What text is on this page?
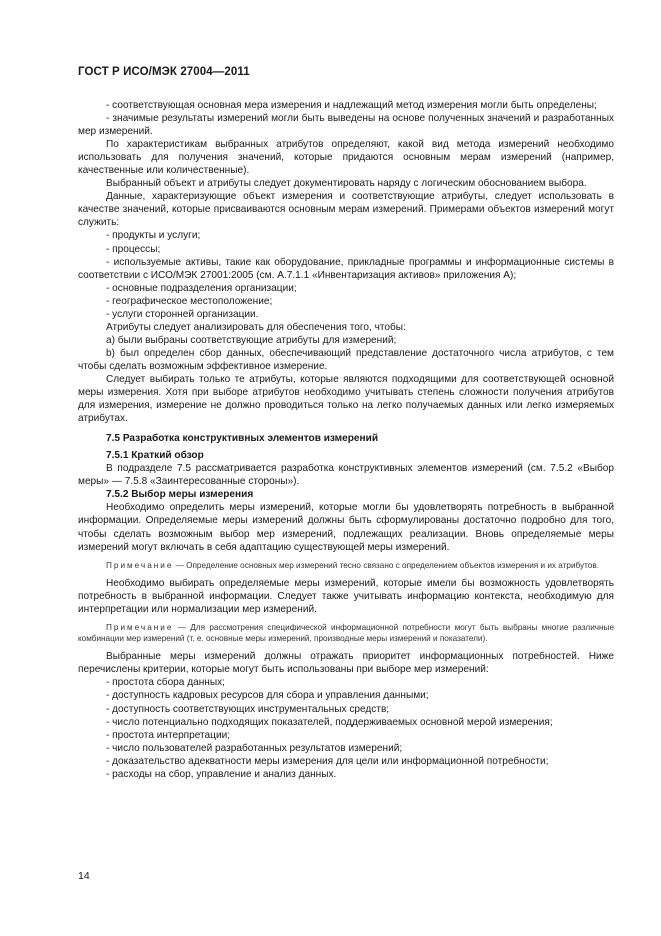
ГОСТ Р ИСО/МЭК 27004—2011

- соответствующая основная мера измерения и надлежащий метод измерения могли быть определены;

- значимые результаты измерений могли быть выведены на основе полученных значений и разработанных мер измерений.

По характеристикам выбранных атрибутов определяют, какой вид метода измерений необходимо использовать для получения значений, которые придаются основным мерам измерений (например, качественные или количественные).

Выбранный объект и атрибуты следует документировать наряду с логическим обоснованием выбора.

Данные, характеризующие объект измерения и соответствующие атрибуты, следует использовать в качестве значений, которые присваиваются основным мерам измерений. Примерами объектов измерений могут служить:

- продукты и услуги;

- процессы;

- используемые активы, такие как оборудование, прикладные программы и информационные системы в соответствии с ИСО/МЭК 27001:2005 (см. А.7.1.1 «Инвентаризация активов» приложения А);

- основные подразделения организации;

- географическое местоположение;

- услуги сторонней организации.

Атрибуты следует анализировать для обеспечения того, чтобы:

a) были выбраны соответствующие атрибуты для измерений;

b) был определен сбор данных, обеспечивающий представление достаточного числа атрибутов, с тем чтобы сделать возможным эффективное измерение.

Следует выбирать только те атрибуты, которые являются подходящими для соответствующей основной меры измерения. Хотя при выборе атрибутов необходимо учитывать степень сложности получения атрибутов для измерения, измерение не должно проводиться только на легко получаемых данных или легко измеряемых атрибутах.

7.5 Разработка конструктивных элементов измерений

7.5.1 Краткий обзор

В подразделе 7.5 рассматривается разработка конструктивных элементов измерений (см. 7.5.2 «Выбор меры» — 7.5.8 «Заинтересованные стороны»).

7.5.2 Выбор меры измерения

Необходимо определить меры измерений, которые могли бы удовлетворять потребность в выбранной информации. Определяемые меры измерений должны быть сформулированы достаточно подробно для того, чтобы сделать возможным выбор мер измерений, подлежащих реализации. Вновь определяемые меры измерений могут включать в себя адаптацию существующей меры измерений.

Примечание — Определение основных мер измерений тесно связано с определением объектов измерения и их атрибутов.

Необходимо выбирать определяемые меры измерений, которые имели бы возможность удовлетворять потребность в выбранной информации. Следует также учитывать информацию контекста, необходимую для интерпретации или нормализации мер измерений.

Примечание — Для рассмотрения специфической информационной потребности могут быть выбраны многие различные комбинации мер измерений (т. е. основные меры измерений, производные меры измерений и показатели).

Выбранные меры измерений должны отражать приоритет информационных потребностей. Ниже перечислены критерии, которые могут быть использованы при выборе мер измерений:

- простота сбора данных;

- доступность кадровых ресурсов для сбора и управления данными;

- доступность соответствующих инструментальных средств;

- число потенциально подходящих показателей, поддерживаемых основной мерой измерения;

- простота интерпретации;

- число пользователей разработанных результатов измерений;

- доказательство адекватности меры измерения для цели или информационной потребности;

- расходы на сбор, управление и анализ данных.

14
